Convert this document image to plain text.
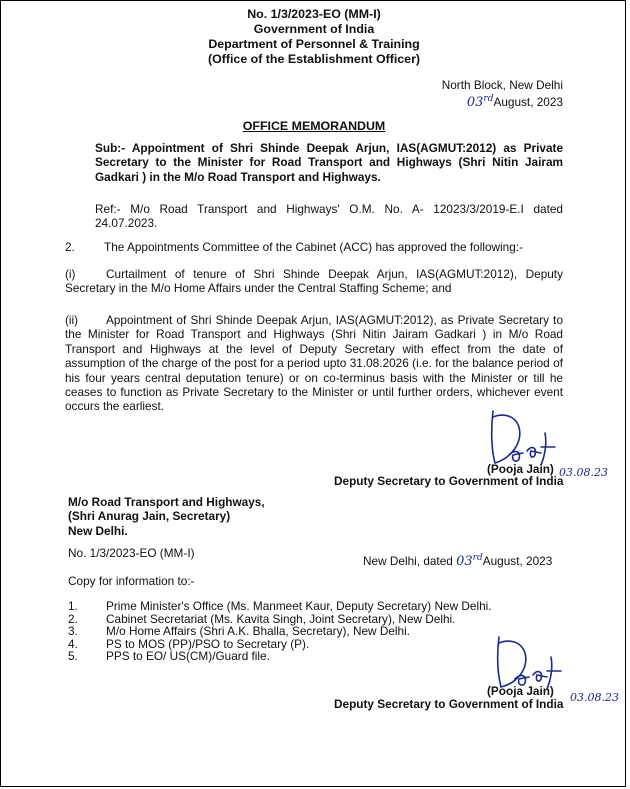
No. 1/3/2023-EO (MM-I)
Government of India
Department of Personnel & Training
(Office of the Establishment Officer)
North Block, New Delhi
03rdAugust, 2023
OFFICE MEMORANDUM
Sub:- Appointment of Shri Shinde Deepak Arjun, IAS(AGMUT:2012) as Private Secretary to the Minister for Road Transport and Highways (Shri Nitin Jairam Gadkari ) in the M/o Road Transport and Highways.
Ref:- M/o Road Transport and Highways' O.M. No. A- 12023/3/2019-E.I dated 24.07.2023.
2. The Appointments Committee of the Cabinet (ACC) has approved the following:-
(i)	Curtailment of tenure of Shri Shinde Deepak Arjun, IAS(AGMUT:2012), Deputy Secretary in the M/o Home Affairs under the Central Staffing Scheme; and
(ii) Appointment of Shri Shinde Deepak Arjun, IAS(AGMUT:2012), as Private Secretary to the Minister for Road Transport and Highways (Shri Nitin Jairam Gadkari ) in M/o Road Transport and Highways at the level of Deputy Secretary with effect from the date of assumption of the charge of the post for a period upto 31.08.2026 (i.e. for the balance period of his four years central deputation tenure) or on co-terminus basis with the Minister or till he ceases to function as Private Secretary to the Minister or until further orders, whichever event occurs the earliest.
(Pooja Jain)
Deputy Secretary to Government of India
03.08.23
M/o Road Transport and Highways,
(Shri Anurag Jain, Secretary)
New Delhi.
No. 1/3/2023-EO (MM-I)
New Delhi, dated 03rdAugust, 2023
Copy for information to:-
1. Prime Minister's Office (Ms. Manmeet Kaur, Deputy Secretary) New Delhi.
2. Cabinet Secretariat (Ms. Kavita Singh, Joint Secretary), New Delhi.
3. M/o Home Affairs (Shri A.K. Bhalla, Secretary), New Delhi.
4. PS to MOS (PP)/PSO to Secretary (P).
5. PPS to EO/ US(CM)/Guard file.
(Pooja Jain)
Deputy Secretary to Government of India 03.08.23
